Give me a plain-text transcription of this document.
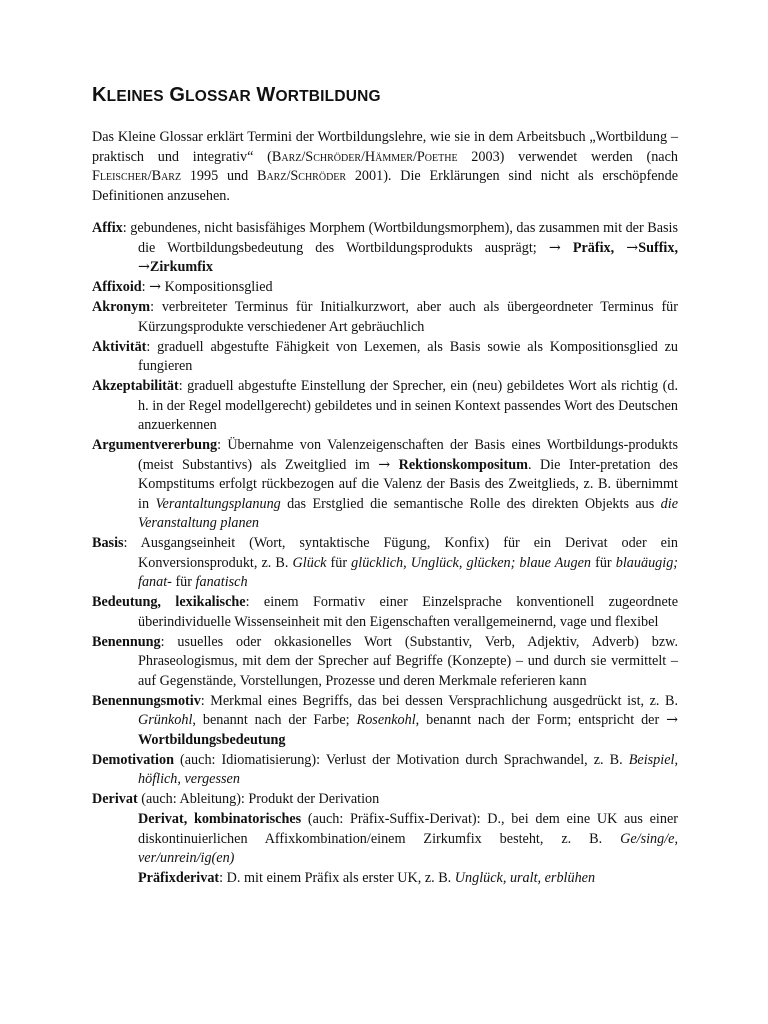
KLEINES GLOSSAR WORTBILDUNG

Das Kleine Glossar erklärt Termini der Wortbildungslehre, wie sie in dem Arbeitsbuch „Wortbildung – praktisch und integrativ“ (Barz/Schröder/Hämmer/Poethe 2003) verwendet werden (nach Fleischer/Barz 1995 und Barz/Schröder 2001). Die Erklärungen sind nicht als erschöpfende Definitionen anzusehen.

Affix: gebundenes, nicht basisfähiges Morphem (Wortbildungsmorphem), das zusammen mit der Basis die Wortbildungsbedeutung des Wortbildungsprodukts ausprägt; → Präfix, →Suffix, →Zirkumfix

Affixoid: → Kompositionsglied

Akronym: verbreiteter Terminus für Initialkurzwort, aber auch als übergeordneter Terminus für Kürzungsprodukte verschiedener Art gebräuchlich

Aktivität: graduell abgestufte Fähigkeit von Lexemen, als Basis sowie als Kompositionsglied zu fungieren

Akzeptabilität: graduell abgestufte Einstellung der Sprecher, ein (neu) gebildetes Wort als richtig (d. h. in der Regel modellgerecht) gebildetes und in seinen Kontext passendes Wort des Deutschen anzuerkennen

Argumentvererbung: Übernahme von Valenzeigenschaften der Basis eines Wortbildungs-produkts (meist Substantivs) als Zweitglied im → Rektionskompositum. Die Inter-pretation des Kompstitums erfolgt rückbezogen auf die Valenz der Basis des Zweitglieds, z. B. übernimmt in Verantaltungsplanung das Erstglied die semantische Rolle des direkten Objekts aus die Veranstaltung planen

Basis: Ausgangseinheit (Wort, syntaktische Fügung, Konfix) für ein Derivat oder ein Konversionsprodukt, z. B. Glück für glücklich, Unglück, glücken; blaue Augen für blauäugig; fanat- für fanatisch

Bedeutung, lexikalische: einem Formativ einer Einzelsprache konventionell zugeordnete überindividuelle Wissenseinheit mit den Eigenschaften verallgemeinernd, vage und flexibel

Benennung: usuelles oder okkasionelles Wort (Substantiv, Verb, Adjektiv, Adverb) bzw. Phraseologismus, mit dem der Sprecher auf Begriffe (Konzepte) – und durch sie vermittelt – auf Gegenstände, Vorstellungen, Prozesse und deren Merkmale referieren kann

Benennungsmotiv: Merkmal eines Begriffs, das bei dessen Versprachlichung ausgedrückt ist, z. B. Grünkohl, benannt nach der Farbe; Rosenkohl, benannt nach der Form; entspricht der → Wortbildungsbedeutung

Demotivation (auch: Idiomatisierung): Verlust der Motivation durch Sprachwandel, z. B. Beispiel, höflich, vergessen

Derivat (auch: Ableitung): Produkt der Derivation

Derivat, kombinatorisches (auch: Präfix-Suffix-Derivat): D., bei dem eine UK aus einer diskontinuierlichen Affixkombination/einem Zirkumfix besteht, z. B. Ge/sing/e, ver/unrein/ig(en)

Präfixderivat: D. mit einem Präfix als erster UK, z. B. Unglück, uralt, erblühen
